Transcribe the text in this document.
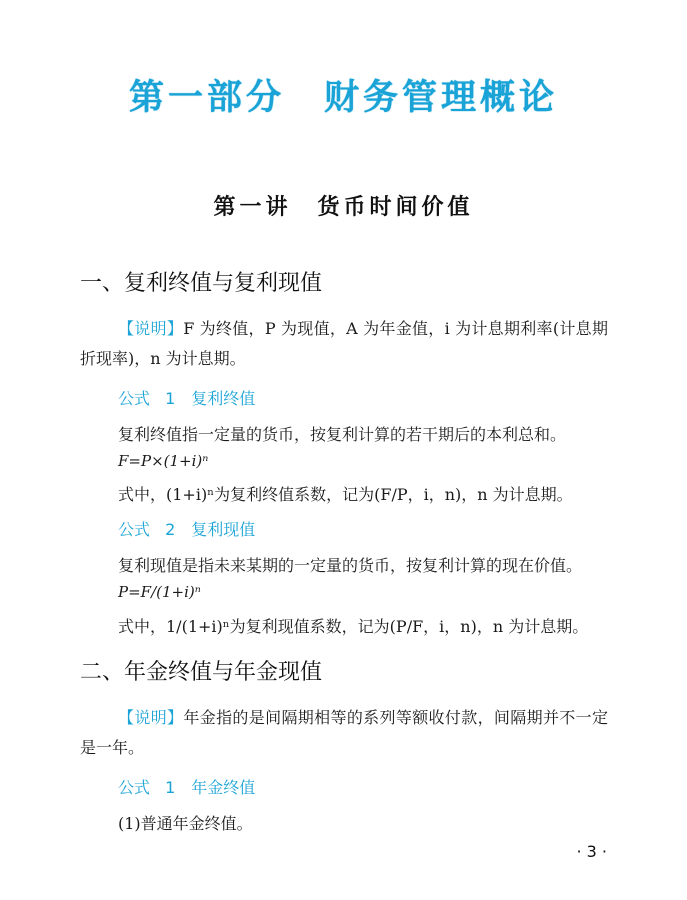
第一部分　财务管理概论
第一讲　货币时间价值
一、复利终值与复利现值
【说明】F 为终值，P 为现值，A 为年金值，i 为计息期利率(计息期折现率)，n 为计息期。
公式 1　复利终值
复利终值指一定量的货币，按复利计算的若干期后的本利总和。
F=P×(1+i)ⁿ
式中，(1+i)ⁿ为复利终值系数，记为(F/P，i，n)，n 为计息期。
公式 2　复利现值
复利现值是指未来某期的一定量的货币，按复利计算的现在价值。
P=F/(1+i)ⁿ
式中，1/(1+i)ⁿ为复利现值系数，记为(P/F，i，n)，n 为计息期。
二、年金终值与年金现值
【说明】年金指的是间隔期相等的系列等额收付款，间隔期并不一定是一年。
公式 1　年金终值
(1)普通年金终值。
· 3 ·
